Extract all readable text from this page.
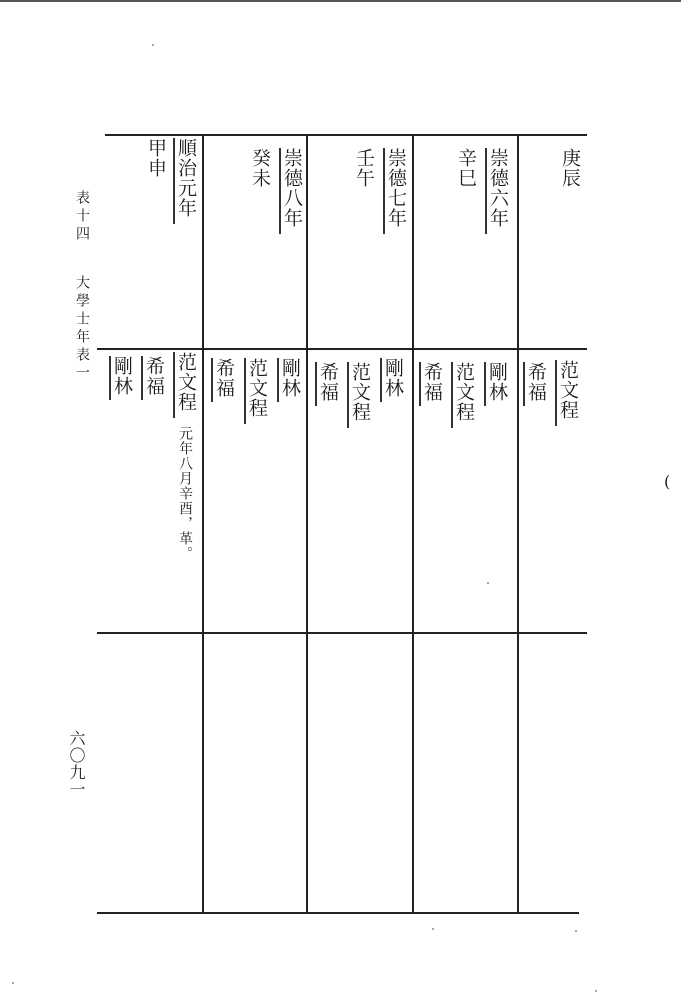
表十四
大學士年表一
六〇九一
(
庚辰
范文程
希福
崇德六年
辛巳
剛林
范文程
希福
崇德七年
壬午
剛林
范文程
希福
崇德八年
癸未
剛林
范文程
希福
順治元年
甲申
范文程
元年八月辛酉，革。
希福
剛林
